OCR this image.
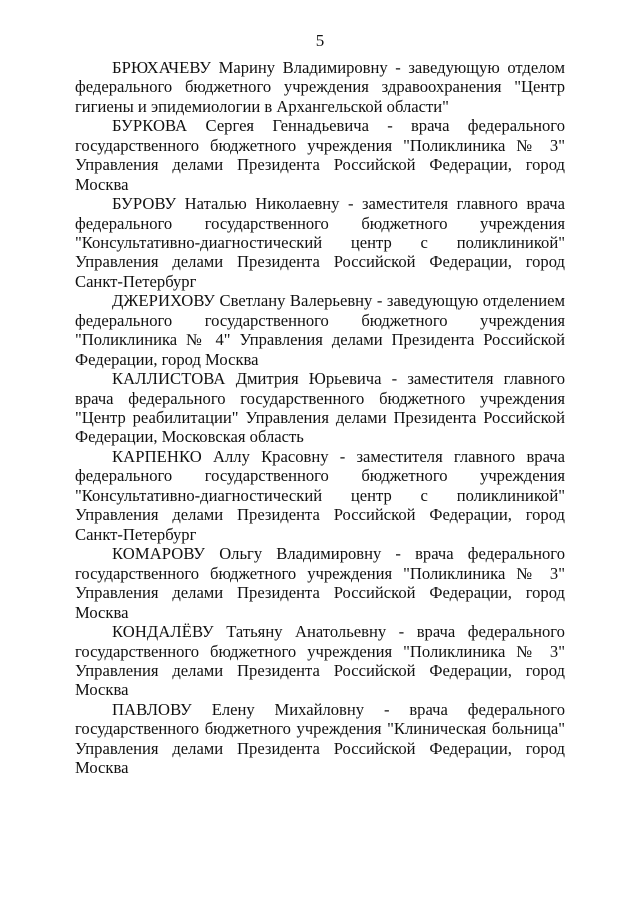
5

БРЮХАЧЕВУ Марину Владимировну - заведующую отделом федерального бюджетного учреждения здравоохранения "Центр гигиены и эпидемиологии в Архангельской области"

БУРКОВА Сергея Геннадьевича - врача федерального государственного бюджетного учреждения "Поликлиника № 3" Управления делами Президента Российской Федерации, город Москва

БУРОВУ Наталью Николаевну - заместителя главного врача федерального государственного бюджетного учреждения "Консультативно-диагностический центр с поликлиникой" Управления делами Президента Российской Федерации, город Санкт-Петербург

ДЖЕРИХОВУ Светлану Валерьевну - заведующую отделением федерального государственного бюджетного учреждения "Поликлиника № 4" Управления делами Президента Российской Федерации, город Москва

КАЛЛИСТОВА Дмитрия Юрьевича - заместителя главного врача федерального государственного бюджетного учреждения "Центр реабилитации" Управления делами Президента Российской Федерации, Московская область

КАРПЕНКО Аллу Красовну - заместителя главного врача федерального государственного бюджетного учреждения "Консультативно-диагностический центр с поликлиникой" Управления делами Президента Российской Федерации, город Санкт-Петербург

КОМАРОВУ Ольгу Владимировну - врача федерального государственного бюджетного учреждения "Поликлиника № 3" Управления делами Президента Российской Федерации, город Москва

КОНДАЛЁВУ Татьяну Анатольевну - врача федерального государственного бюджетного учреждения "Поликлиника № 3" Управления делами Президента Российской Федерации, город Москва

ПАВЛОВУ Елену Михайловну - врача федерального государственного бюджетного учреждения "Клиническая больница" Управления делами Президента Российской Федерации, город Москва
